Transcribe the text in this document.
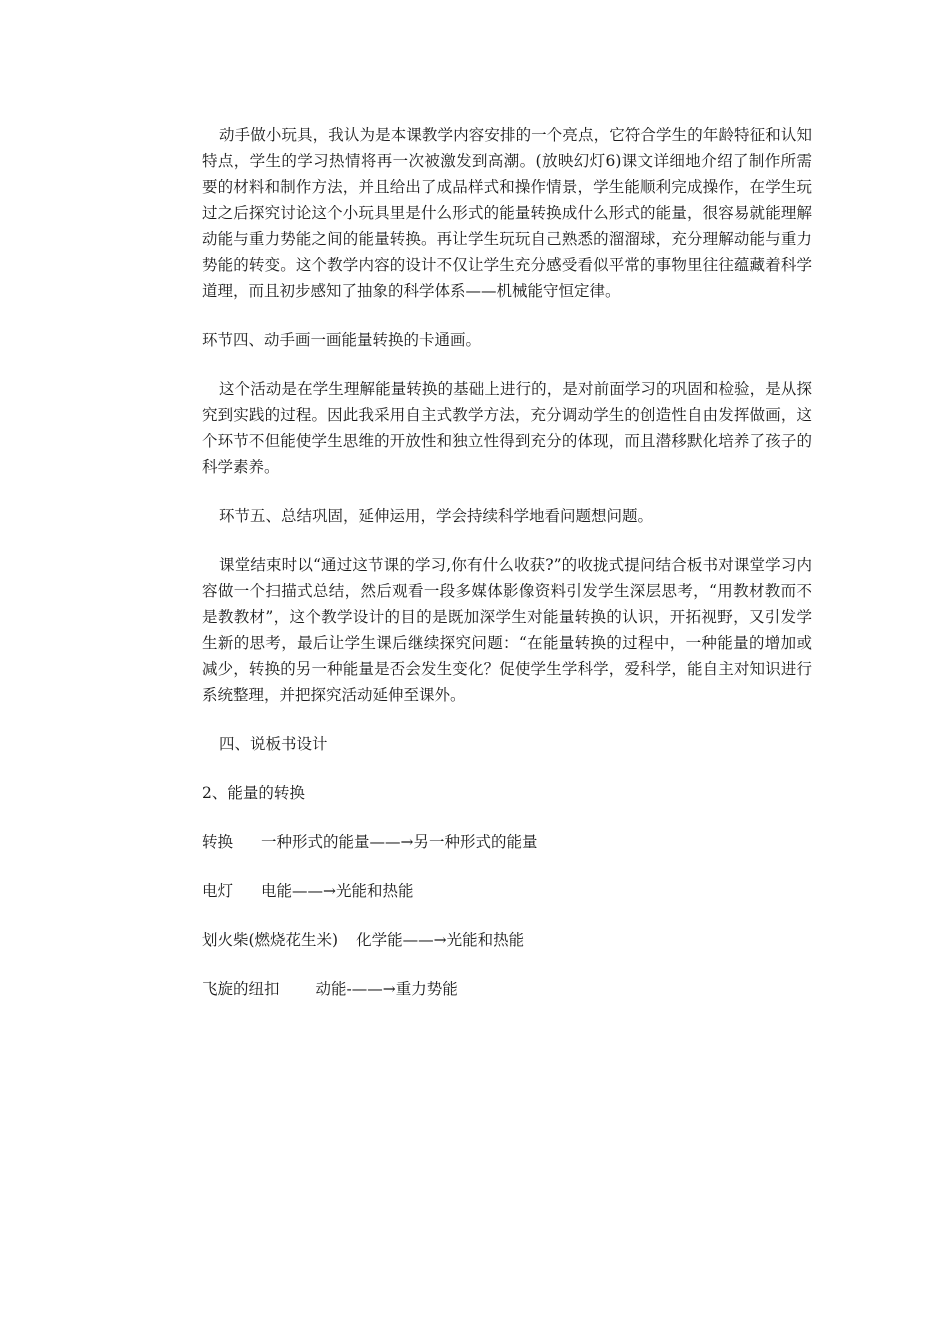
动手做小玩具，我认为是本课教学内容安排的一个亮点，它符合学生的年龄特征和认知特点，学生的学习热情将再一次被激发到高潮。(放映幻灯6)课文详细地介绍了制作所需要的材料和制作方法，并且给出了成品样式和操作情景，学生能顺利完成操作，在学生玩过之后探究讨论这个小玩具里是什么形式的能量转换成什么形式的能量，很容易就能理解动能与重力势能之间的能量转换。再让学生玩玩自己熟悉的溜溜球，充分理解动能与重力势能的转变。这个教学内容的设计不仅让学生充分感受看似平常的事物里往往蕴藏着科学道理，而且初步感知了抽象的科学体系——机械能守恒定律。

环节四、动手画一画能量转换的卡通画。

这个活动是在学生理解能量转换的基础上进行的，是对前面学习的巩固和检验，是从探究到实践的过程。因此我采用自主式教学方法，充分调动学生的创造性自由发挥做画，这个环节不但能使学生思维的开放性和独立性得到充分的体现，而且潜移默化培养了孩子的科学素养。

环节五、总结巩固，延伸运用，学会持续科学地看问题想问题。

课堂结束时以“通过这节课的学习,你有什么收获?”的收拢式提问结合板书对课堂学习内容做一个扫描式总结，然后观看一段多媒体影像资料引发学生深层思考，“用教材教而不是教教材”，这个教学设计的目的是既加深学生对能量转换的认识，开拓视野，又引发学生新的思考，最后让学生课后继续探究问题：“在能量转换的过程中，一种能量的增加或减少，转换的另一种能量是否会发生变化？促使学生学科学，爱科学，能自主对知识进行系统整理，并把探究活动延伸至课外。

四、说板书设计

2、能量的转换

转换 一种形式的能量——→另一种形式的能量

电灯 电能——→光能和热能

划火柴(燃烧花生米) 化学能——→光能和热能

飞旋的纽扣 动能-——→重力势能
